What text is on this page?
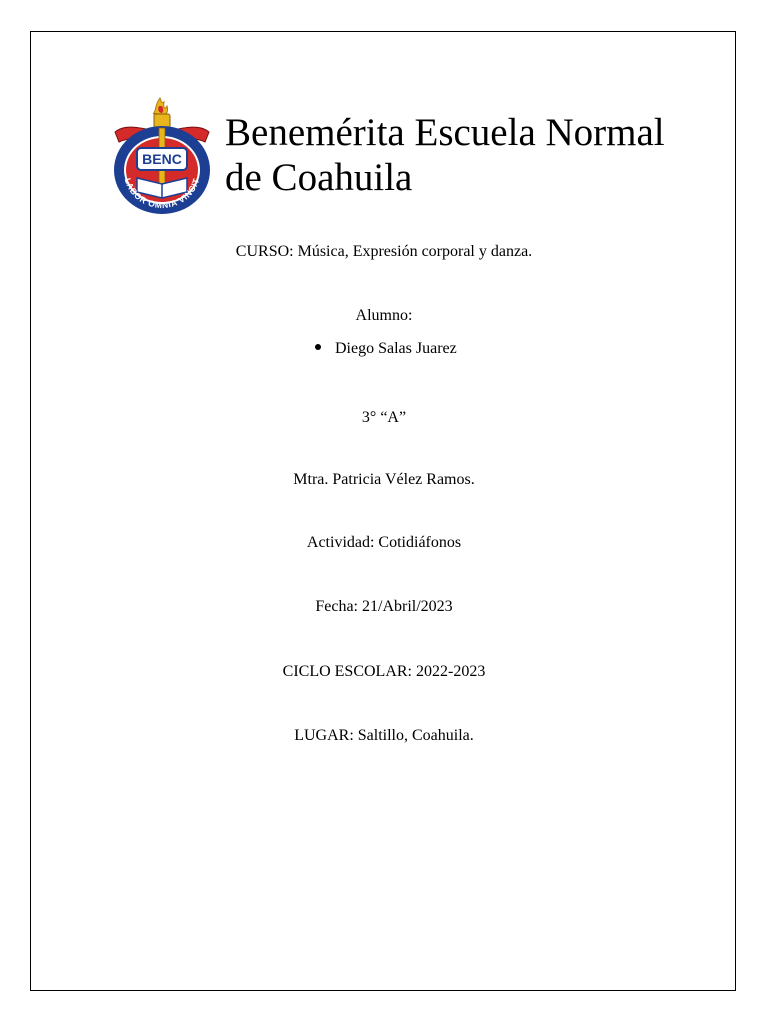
BENC
LABOR OMNIA VINCIT
Benemérita Escuela Normal
de Coahuila
CURSO: Música, Expresión corporal y danza.
Alumno:
Diego Salas Juarez
3° “A”
Mtra. Patricia Vélez Ramos.
Actividad: Cotidiáfonos
Fecha: 21/Abril/2023
CICLO ESCOLAR: 2022-2023
LUGAR: Saltillo, Coahuila.
